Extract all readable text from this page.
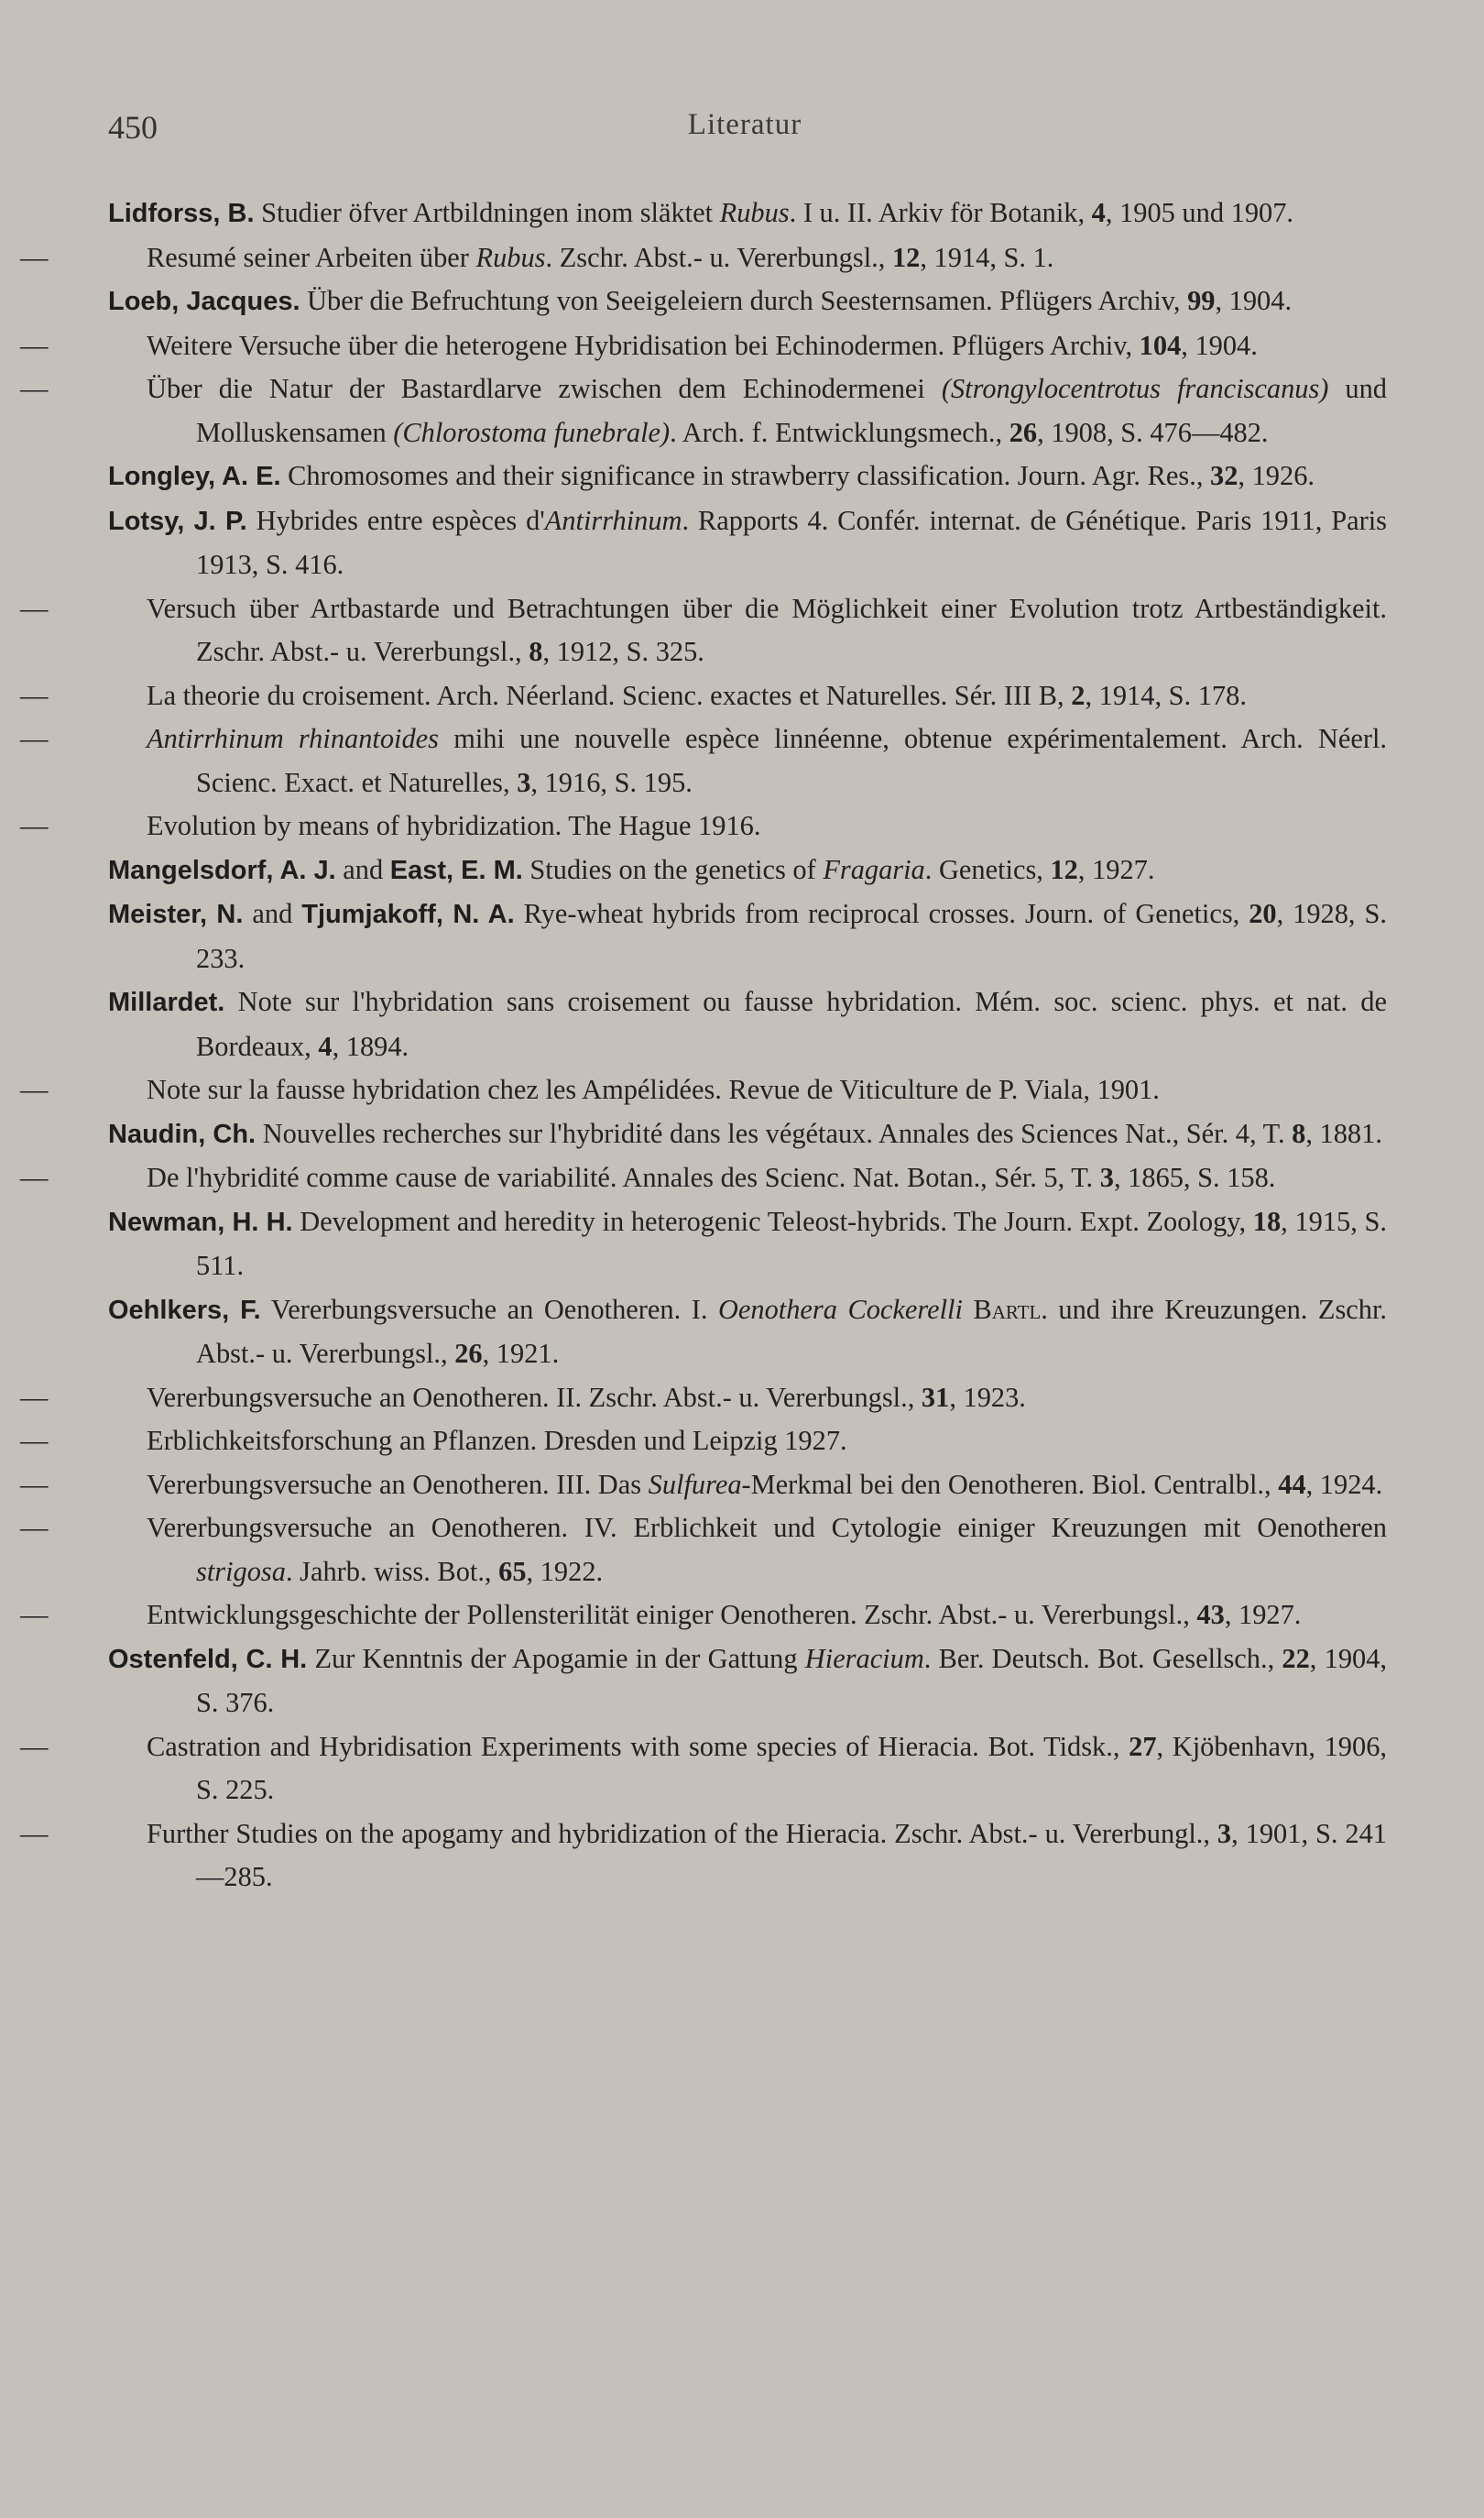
450	Literatur
Lidforss, B. Studier öfver Artbildningen inom släktet Rubus. I u. II. Arkiv för Botanik, 4, 1905 und 1907.
—	Resumé seiner Arbeiten über Rubus. Zschr. Abst.- u. Vererbungsl., 12, 1914, S. 1.
Loeb, Jacques. Über die Befruchtung von Seeigeleiern durch Seesternsamen. Pflügers Archiv, 99, 1904.
—	Weitere Versuche über die heterogene Hybridisation bei Echinodermen. Pflügers Archiv, 104, 1904.
—	Über die Natur der Bastardlarve zwischen dem Echinodermenei (Strongylocentrotus franciscanus) und Molluskensamen (Chlorostoma funebrale). Arch. f. Entwicklungsmech., 26, 1908, S. 476—482.
Longley, A. E. Chromosomes and their significance in strawberry classification. Journ. Agr. Res., 32, 1926.
Lotsy, J. P. Hybrides entre espèces d'Antirrhinum. Rapports 4. Confér. internat. de Génétique. Paris 1911, Paris 1913, S. 416.
—	Versuch über Artbastarde und Betrachtungen über die Möglichkeit einer Evolution trotz Artbeständigkeit. Zschr. Abst.- u. Vererbungsl., 8, 1912, S. 325.
—	La theorie du croisement. Arch. Néerland. Scienc. exactes et Naturelles. Sér. III B, 2, 1914, S. 178.
—	Antirrhinum rhinantoides mihi une nouvelle espèce linnéenne, obtenue expérimentalement. Arch. Néerl. Scienc. Exact. et Naturelles, 3, 1916, S. 195.
—	Evolution by means of hybridization. The Hague 1916.
Mangelsdorf, A. J. and East, E. M. Studies on the genetics of Fragaria. Genetics, 12, 1927.
Meister, N. and Tjumjakoff, N. A. Rye-wheat hybrids from reciprocal crosses. Journ. of Genetics, 20, 1928, S. 233.
Millardet. Note sur l'hybridation sans croisement ou fausse hybridation. Mém. soc. scienc. phys. et nat. de Bordeaux, 4, 1894.
—	Note sur la fausse hybridation chez les Ampélidées. Revue de Viticulture de P. Viala, 1901.
Naudin, Ch. Nouvelles recherches sur l'hybridité dans les végétaux. Annales des Sciences Nat., Sér. 4, T. 8, 1881.
—	De l'hybridité comme cause de variabilité. Annales des Scienc. Nat. Botan., Sér. 5, T. 3, 1865, S. 158.
Newman, H. H. Development and heredity in heterogenic Teleost-hybrids. The Journ. Expt. Zoology, 18, 1915, S. 511.
Oehlkers, F. Vererbungsversuche an Oenotheren. I. Oenothera Cockerelli Bartl. und ihre Kreuzungen. Zschr. Abst.- u. Vererbungsl., 26, 1921.
—	Vererbungsversuche an Oenotheren. II. Zschr. Abst.- u. Vererbungsl., 31, 1923.
—	Erblichkeitsforschung an Pflanzen. Dresden und Leipzig 1927.
—	Vererbungsversuche an Oenotheren. III. Das Sulfurea-Merkmal bei den Oenotheren. Biol. Centralbl., 44, 1924.
—	Vererbungsversuche an Oenotheren. IV. Erblichkeit und Cytologie einiger Kreuzungen mit Oenotheren strigosa. Jahrb. wiss. Bot., 65, 1922.
—	Entwicklungsgeschichte der Pollensterilität einiger Oenotheren. Zschr. Abst.- u. Vererbungsl., 43, 1927.
Ostenfeld, C. H. Zur Kenntnis der Apogamie in der Gattung Hieracium. Ber. Deutsch. Bot. Gesellsch., 22, 1904, S. 376.
—	Castration and Hybridisation Experiments with some species of Hieracia. Bot. Tidsk., 27, Kjöbenhavn, 1906, S. 225.
—	Further Studies on the apogamy and hybridization of the Hieracia. Zschr. Abst.- u. Vererbungl., 3, 1901, S. 241—285.
